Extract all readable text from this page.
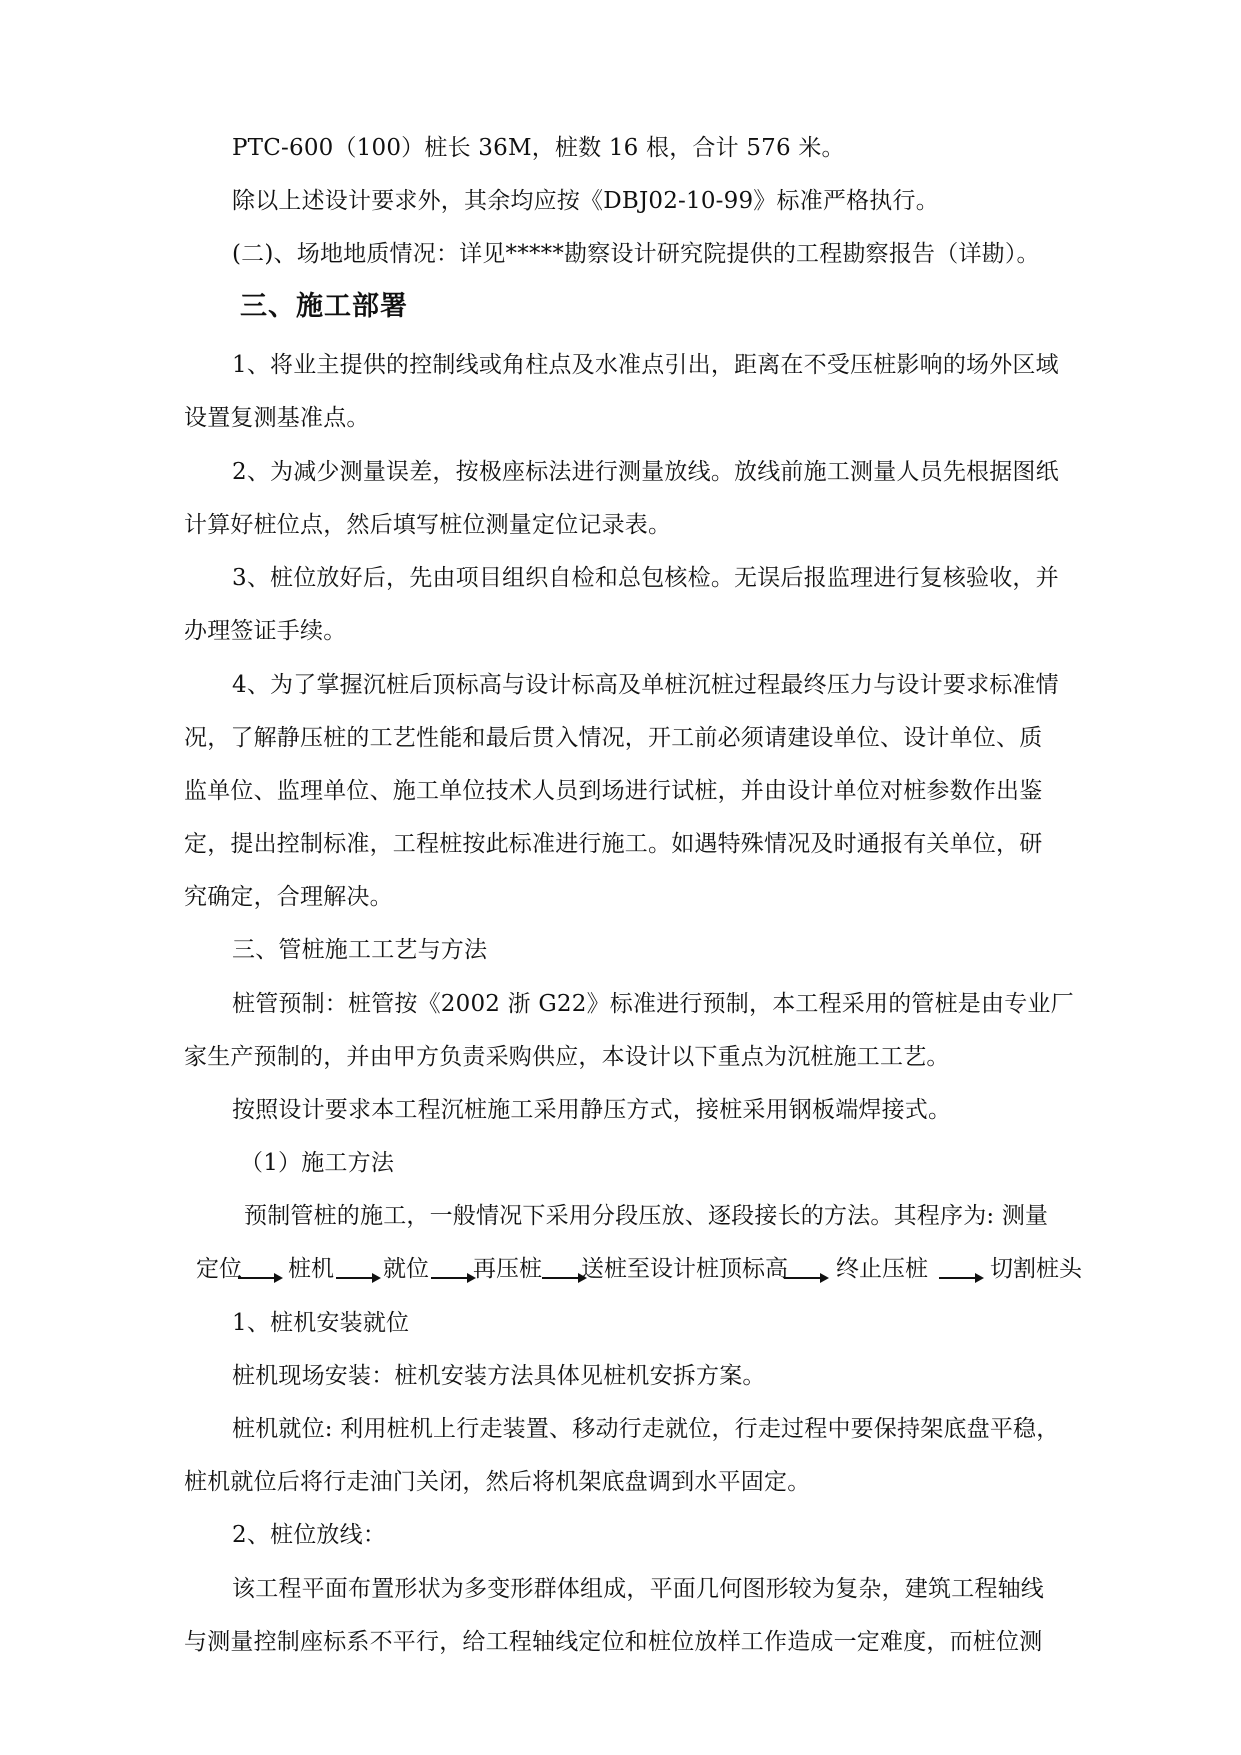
PTC-600（100）桩长 36M，桩数 16 根，合计 576 米。
除以上述设计要求外，其余均应按《DBJ02-10-99》标准严格执行。
(二)、场地地质情况：详见*****勘察设计研究院提供的工程勘察报告（详勘）。
三、施工部署
1、将业主提供的控制线或角柱点及水准点引出，距离在不受压桩影响的场外区域
设置复测基准点。
2、为减少测量误差，按极座标法进行测量放线。放线前施工测量人员先根据图纸
计算好桩位点，然后填写桩位测量定位记录表。
3、桩位放好后，先由项目组织自检和总包核检。无误后报监理进行复核验收，并
办理签证手续。
4、为了掌握沉桩后顶标高与设计标高及单桩沉桩过程最终压力与设计要求标准情
况，了解静压桩的工艺性能和最后贯入情况，开工前必须请建设单位、设计单位、质
监单位、监理单位、施工单位技术人员到场进行试桩，并由设计单位对桩参数作出鉴
定，提出控制标准，工程桩按此标准进行施工。如遇特殊情况及时通报有关单位，研
究确定，合理解决。
三、管桩施工工艺与方法
桩管预制：桩管按《2002 浙 G22》标准进行预制，本工程采用的管桩是由专业厂
家生产预制的，并由甲方负责采购供应，本设计以下重点为沉桩施工工艺。
按照设计要求本工程沉桩施工采用静压方式，接桩采用钢板端焊接式。
（1）施工方法
预制管桩的施工，一般情况下采用分段压放、逐段接长的方法。其程序为: 测量
定位 桩机 就位 再压桩 送桩至设计桩顶标高 终止压桩	切割桩头
1、桩机安装就位
桩机现场安装：桩机安装方法具体见桩机安拆方案。
桩机就位: 利用桩机上行走装置、移动行走就位，行走过程中要保持架底盘平稳，
桩机就位后将行走油门关闭，然后将机架底盘调到水平固定。
2、桩位放线：
该工程平面布置形状为多变形群体组成，平面几何图形较为复杂，建筑工程轴线
与测量控制座标系不平行，给工程轴线定位和桩位放样工作造成一定难度，而桩位测
